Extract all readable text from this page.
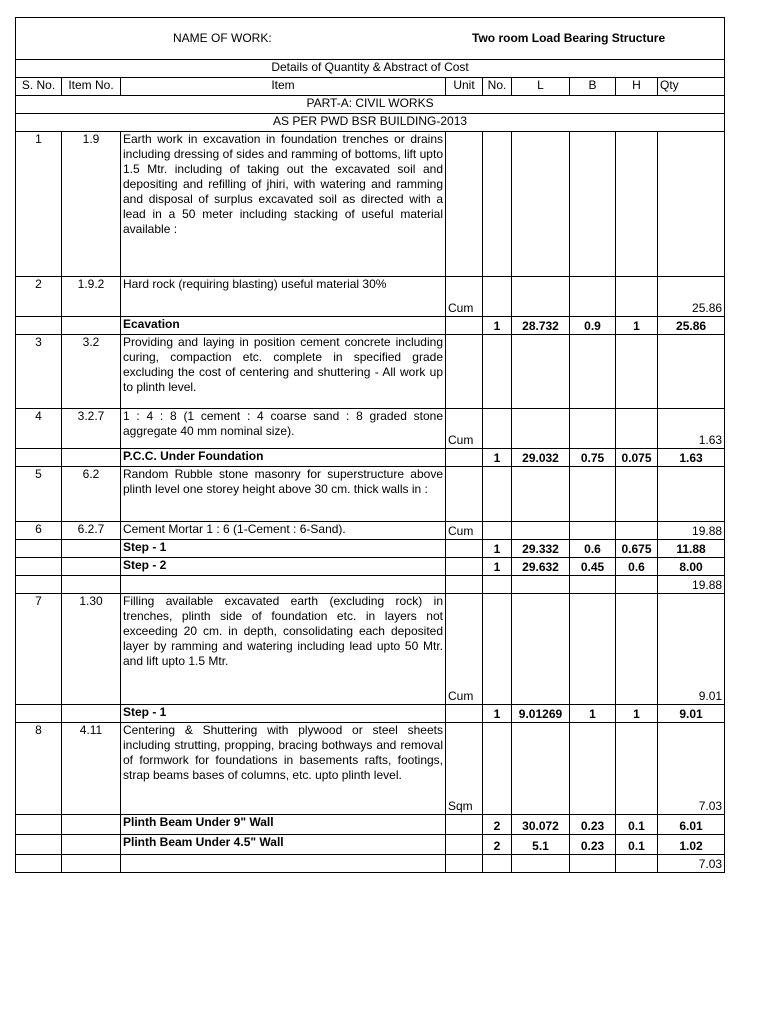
NAME OF WORK: Two room Load Bearing Structure								

Details of Quantity & Abstract of Cost								
S. No.	Item No.	Item	Unit	No.	L	B	H	Qty
PART-A: CIVIL WORKS								
AS PER PWD BSR BUILDING-2013								
1	1.9	Earth work in excavation in foundation trenches or drains including dressing of sides and ramming of bottoms, lift upto 1.5 Mtr. including of taking out the excavated soil and depositing and refilling of jhiri, with watering and ramming and disposal of surplus excavated soil as directed with a lead in a 50 meter including stacking of useful material available :						
2	1.9.2	Hard rock (requiring blasting) useful material 30%	Cum					25.86
		Ecavation		1	28.732	0.9	1	25.86
3	3.2	Providing and laying in position cement concrete including curing, compaction etc. complete in specified grade excluding the cost of centering and shuttering - All work up to plinth level.						
4	3.2.7	1 : 4 : 8 (1 cement : 4 coarse sand : 8 graded stone aggregate 40 mm nominal size).	Cum					1.63
		P.C.C. Under Foundation		1	29.032	0.75	0.075	1.63
5	6.2	Random Rubble stone masonry for superstructure above plinth level one storey height above 30 cm. thick walls in :						
6	6.2.7	Cement Mortar 1 : 6 (1-Cement : 6-Sand).	Cum					19.88
		Step - 1		1	29.332	0.6	0.675	11.88
		Step - 2		1	29.632	0.45	0.6	8.00
								19.88
7	1.30	Filling available excavated earth (excluding rock) in trenches, plinth side of foundation etc. in layers not exceeding 20 cm. in depth, consolidating each deposited layer by ramming and watering including lead upto 50 Mtr. and lift upto 1.5 Mtr.	Cum					9.01
		Step - 1		1	9.01269	1	1	9.01
8	4.11	Centering & Shuttering with plywood or steel sheets including strutting, propping, bracing bothways and removal of formwork for foundations in basements rafts, footings, strap beams bases of columns, etc. upto plinth level.	Sqm					7.03
		Plinth Beam Under 9" Wall		2	30.072	0.23	0.1	6.01
		Plinth Beam Under 4.5" Wall		2	5.1	0.23	0.1	1.02
								7.03
